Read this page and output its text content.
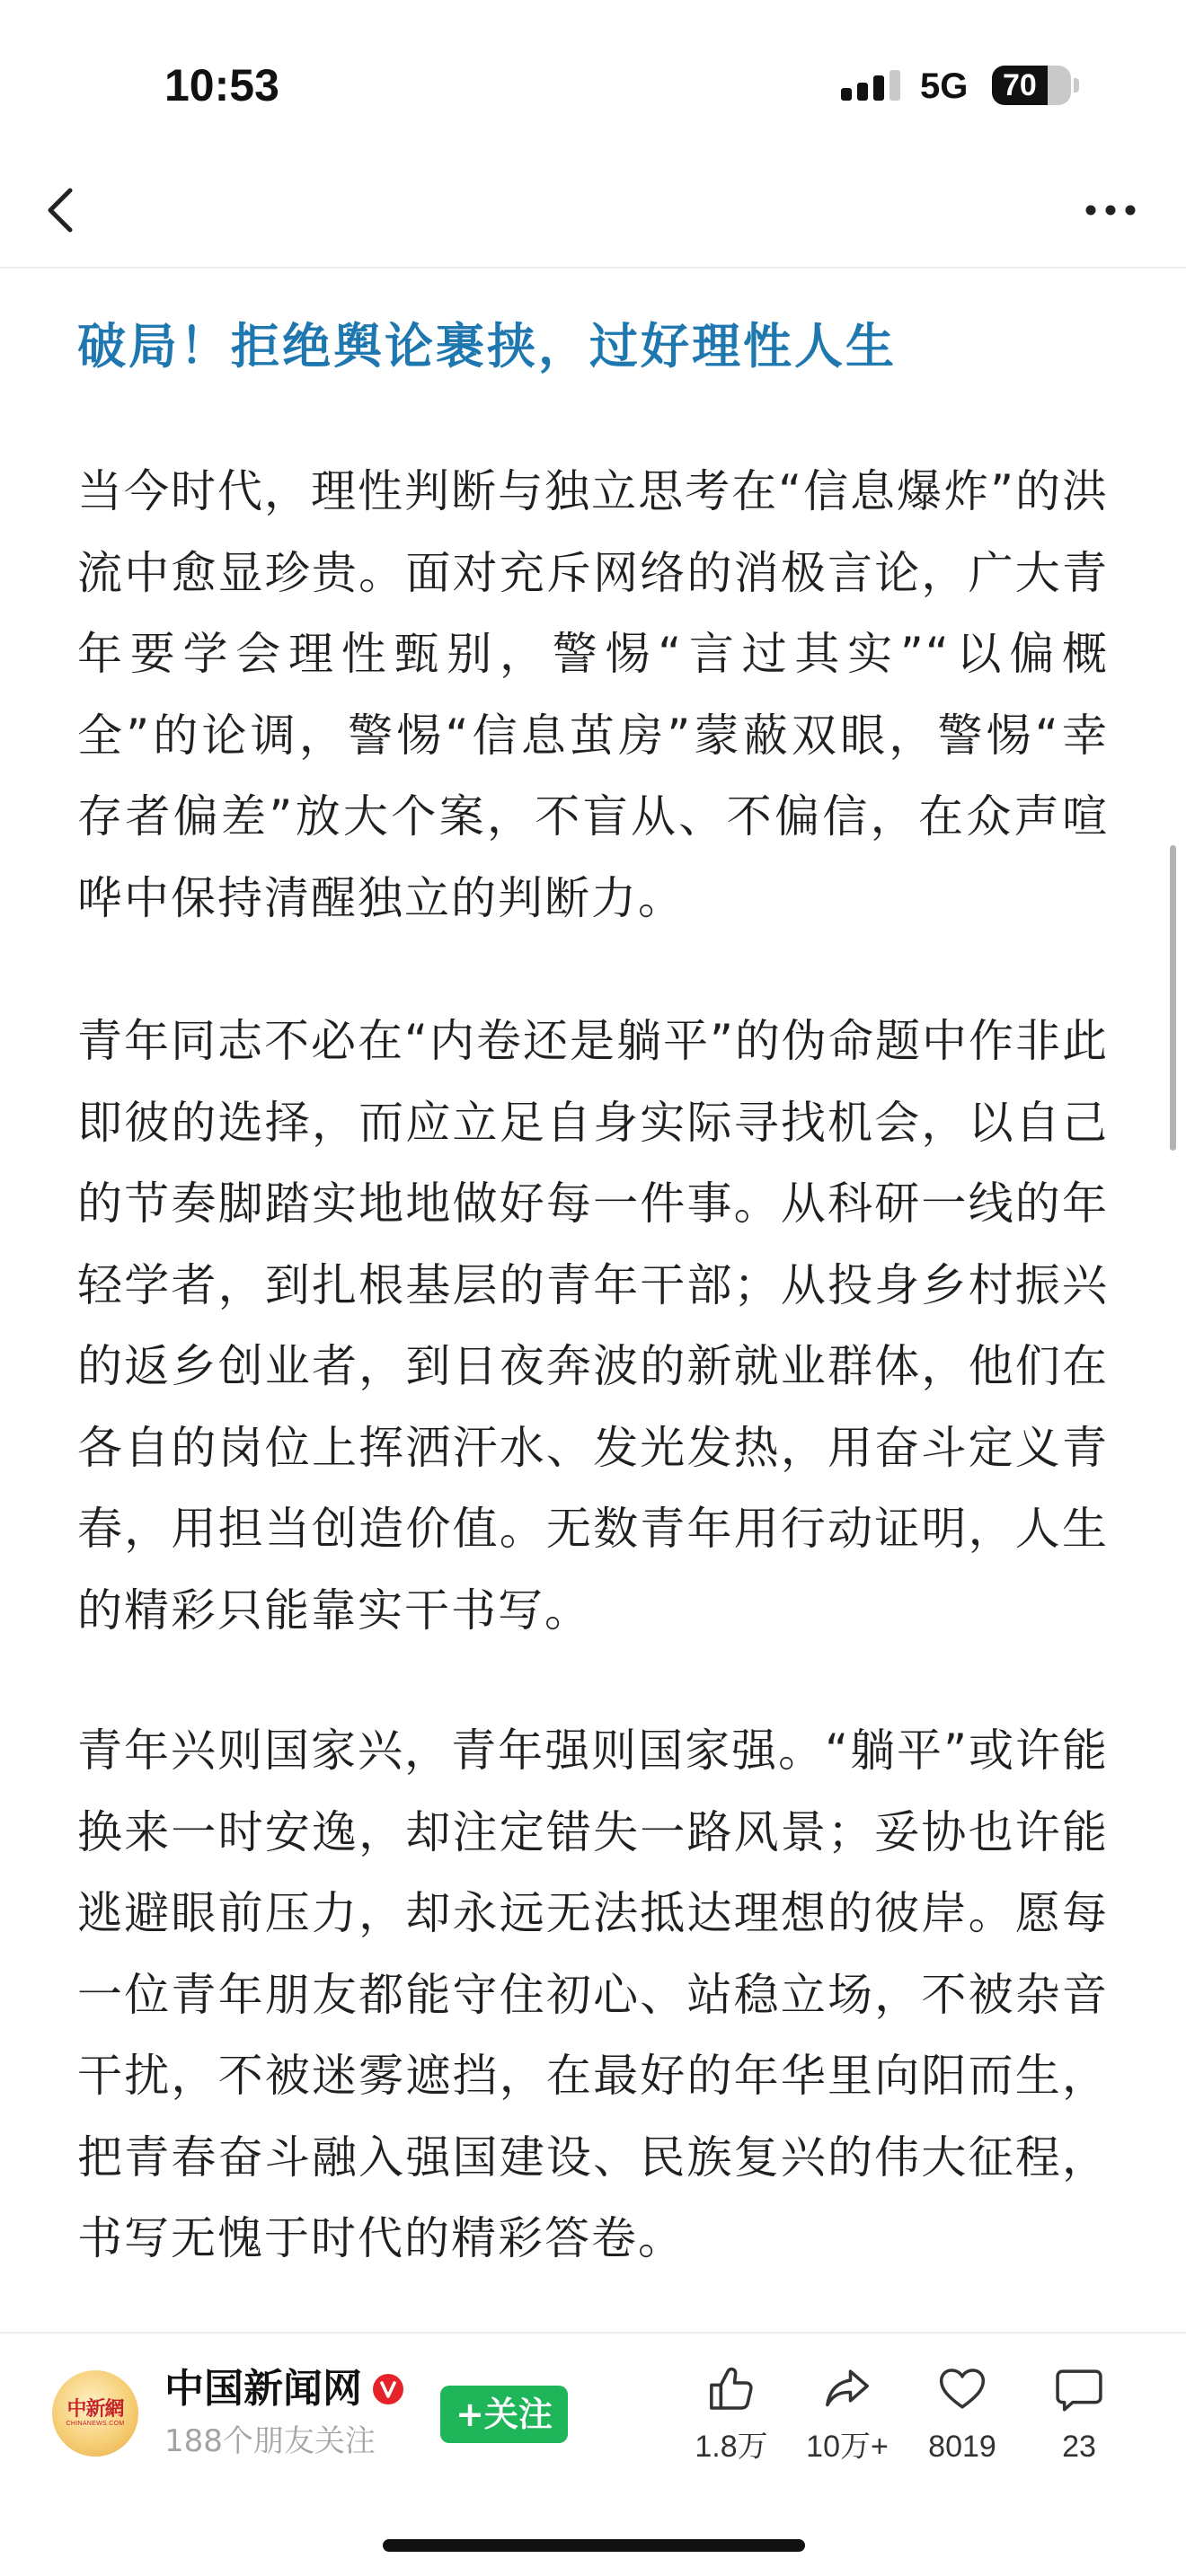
10:53	5G 70
破局！拒绝舆论裹挟，过好理性人生

当今时代，理性判断与独立思考在“信息爆炸”的洪流中愈显珍贵。面对充斥网络的消极言论，广大青年要学会理性甄别，警惕“言过其实”“以偏概全”的论调，警惕“信息茧房”蒙蔽双眼，警惕“幸存者偏差”放大个案，不盲从、不偏信，在众声喧哗中保持清醒独立的判断力。

青年同志不必在“内卷还是躺平”的伪命题中作非此即彼的选择，而应立足自身实际寻找机会，以自己的节奏脚踏实地地做好每一件事。从科研一线的年轻学者，到扎根基层的青年干部；从投身乡村振兴的返乡创业者，到日夜奔波的新就业群体，他们在各自的岗位上挥洒汗水、发光发热，用奋斗定义青春，用担当创造价值。无数青年用行动证明，人生的精彩只能靠实干书写。

青年兴则国家兴，青年强则国家强。“躺平”或许能换来一时安逸，却注定错失一路风景；妥协也许能逃避眼前压力，却永远无法抵达理想的彼岸。愿每一位青年朋友都能守住初心、站稳立场，不被杂音干扰，不被迷雾遮挡，在最好的年华里向阳而生，把青春奋斗融入强国建设、民族复兴的伟大征程，书写无愧于时代的精彩答卷。

中新網
CHINANEWS.COM
中国新闻网
188个朋友关注
+关注
1.8万	10万+	8019	23
